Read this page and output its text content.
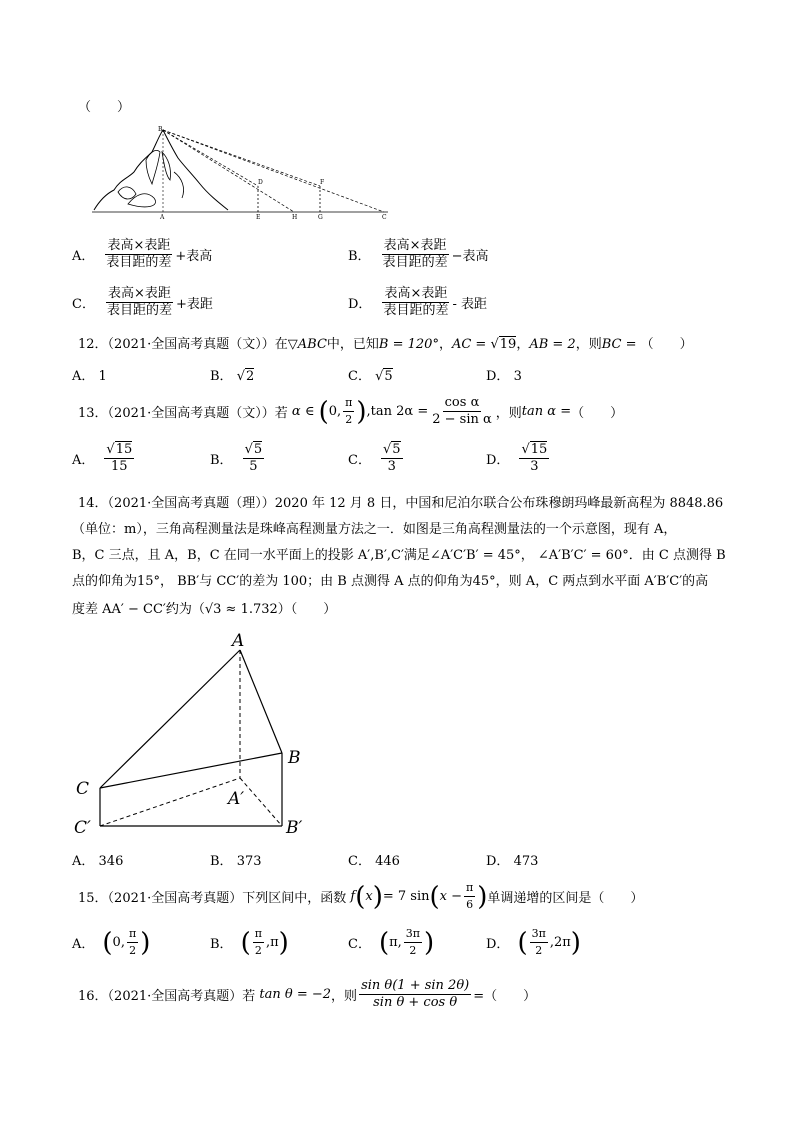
（　　）
B
D	F
A	E	H	G	C
A． $\frac{\text{表高×表距}}{\text{表目距的差}}$ +表高	B． $\frac{\text{表高×表距}}{\text{表目距的差}}$ −表高
C． $\frac{\text{表高×表距}}{\text{表目距的差}}$ +表距	D． $\frac{\text{表高×表距}}{\text{表目距的差}}$ - 表距
12．（2021·全国高考真题（文））在▽ABC中，已知B = 120°，AC = √19，AB = 2，则BC = （　　）
A． 1	B． √2	C． √5	D． 3
13．（2021·全国高考真题（文））若
α ∈
( 0, $\frac{\pi}{2}$ ) ,tan $2\alpha = \frac{\text{cos α}}{\text{2 − sin α}}$ ，则 tan α = （　　）
A． $\frac{√15}{15}$	B． $\frac{√5}{5}$	C． $\frac{√5}{3}$	D． $\frac{√15}{3}$
14．（2021·全国高考真题（理））2020 年 12 月 8 日，中国和尼泊尔联合公布珠穆朗玛峰最新高程为 8848.86
（单位：m），三角高程测量法是珠峰高程测量方法之一．如图是三角高程测量法的一个示意图，现有 A，
B，C 三点，且 A，B，C 在同一水平面上的投影 A′,B′,C′满足∠A′C′B′ = 45°， ∠A′B′C′ = 60°．由 C 点测得 B
点的仰角为15°， BB′与 CC′的差为 100；由 B 点测得 A 点的仰角为45°，则 A，C 两点到水平面 A′B′C′的高
度差 AA′ − CC′约为（√3 ≈ 1.732）（　　）
A
B
C	A′
B′
C′
A． 346	B． 373	C． 446	D． 473
15．（2021·全国高考真题）下列区间中，函数
f ( x ) = 7 sin ( $x - \frac{\pi}{6}$ ) 单调递增的区间是（　　）
A． ( 0, $\frac{\pi}{2}$ )	B． ( $\frac{\pi}{2} ,\pi$ )	C． ( π, $\frac{3\pi}{2}$ )	D． ( $\frac{3\pi}{2} ,2\pi$ )
16．（2021·全国高考真题）若
tan θ = −2 ，则 $\frac{\text{sin θ(1 + sin 2θ)}}{\text{sin θ + cos θ}}$ =（　　）
